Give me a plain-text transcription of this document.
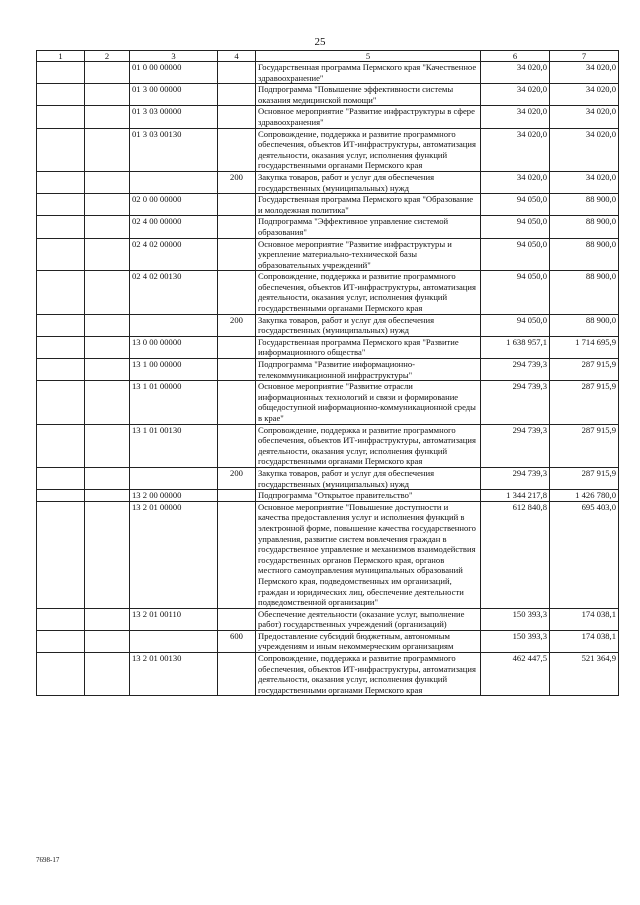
25
1	2	3	4	5	6	7
		01 0 00 00000		Государственная программа Пермского края "Качественное здравоохранение"	34 020,0	34 020,0
		01 3 00 00000		Подпрограмма "Повышение эффективности системы оказания медицинской помощи"	34 020,0	34 020,0
		01 3 03 00000		Основное мероприятие "Развитие инфраструктуры в сфере здравоохранения"	34 020,0	34 020,0
		01 3 03 00130		Сопровождение, поддержка и развитие программного обеспечения, объектов ИТ-инфраструктуры, автоматизация деятельности, оказания услуг, исполнения функций государственными органами Пермского края	34 020,0	34 020,0
			200	Закупка товаров, работ и услуг для обеспечения государственных (муниципальных) нужд	34 020,0	34 020,0
		02 0 00 00000		Государственная программа Пермского края "Образование и молодежная политика"	94 050,0	88 900,0
		02 4 00 00000		Подпрограмма "Эффективное управление системой образования"	94 050,0	88 900,0
		02 4 02 00000		Основное мероприятие "Развитие инфраструктуры и укрепление материально-технической базы образовательных учреждений"	94 050,0	88 900,0
		02 4 02 00130		Сопровождение, поддержка и развитие программного обеспечения, объектов ИТ-инфраструктуры, автоматизация деятельности, оказания услуг, исполнения функций государственными органами Пермского края	94 050,0	88 900,0
			200	Закупка товаров, работ и услуг для обеспечения государственных (муниципальных) нужд	94 050,0	88 900,0
		13 0 00 00000		Государственная программа Пермского края "Развитие информационного общества"	1 638 957,1	1 714 695,9
		13 1 00 00000		Подпрограмма "Развитие информационно-телекоммуникационной инфраструктуры"	294 739,3	287 915,9
		13 1 01 00000		Основное мероприятие "Развитие отрасли информационных технологий и связи и формирование общедоступной информационно-коммуникационной среды в крае"	294 739,3	287 915,9
		13 1 01 00130		Сопровождение, поддержка и развитие программного обеспечения, объектов ИТ-инфраструктуры, автоматизация деятельности, оказания услуг, исполнения функций государственными органами Пермского края	294 739,3	287 915,9
			200	Закупка товаров, работ и услуг для обеспечения государственных (муниципальных) нужд	294 739,3	287 915,9
		13 2 00 00000		Подпрограмма "Открытое правительство"	1 344 217,8	1 426 780,0
		13 2 01 00000		Основное мероприятие "Повышение доступности и качества предоставления услуг и исполнения функций в электронной форме, повышение качества государственного управления, развитие систем вовлечения граждан в государственное управление и механизмов взаимодействия государственных органов Пермского края, органов местного самоуправления муниципальных образований Пермского края, подведомственных им организаций, граждан и юридических лиц, обеспечение деятельности подведомственной организации"	612 840,8	695 403,0
		13 2 01 00110		Обеспечение деятельности (оказание услуг, выполнение работ) государственных учреждений (организаций)	150 393,3	174 038,1
			600	Предоставление субсидий бюджетным, автономным учреждениям и иным некоммерческим организациям	150 393,3	174 038,1
		13 2 01 00130		Сопровождение, поддержка и развитие программного обеспечения, объектов ИТ-инфраструктуры, автоматизация деятельности, оказания услуг, исполнения функций государственными органами Пермского края	462 447,5	521 364,9
7698-17
